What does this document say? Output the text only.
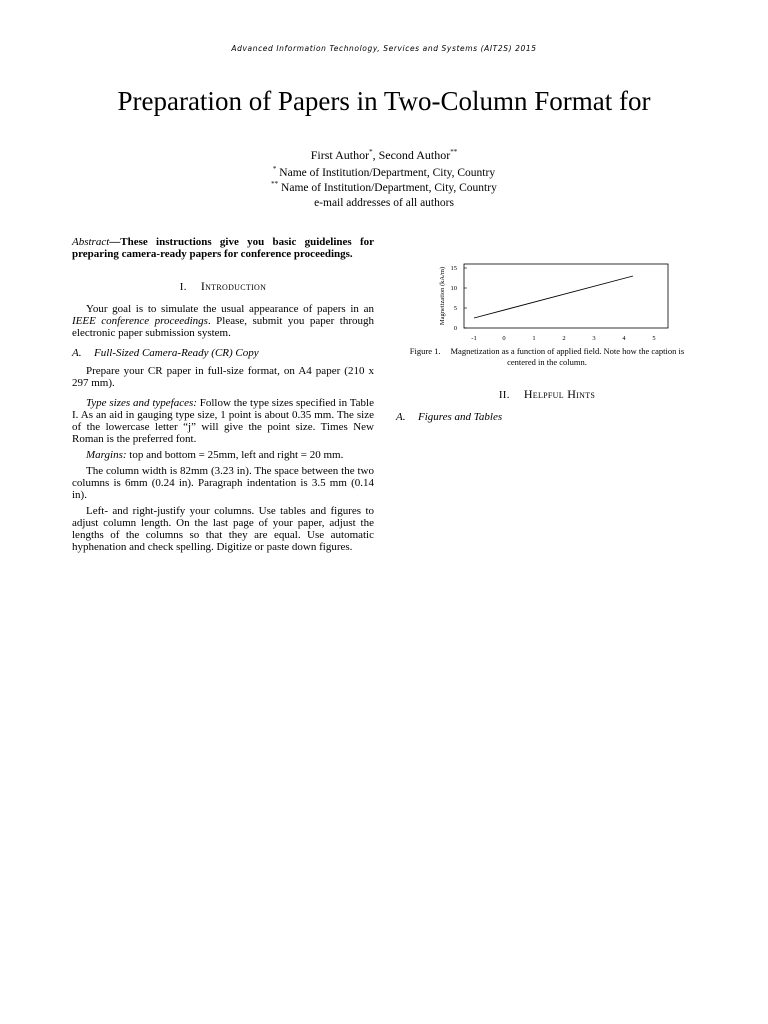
Advanced Information Technology, Services and Systems (AIT2S) 2015
Preparation of Papers in Two-Column Format for
First Author*, Second Author**
* Name of Institution/Department, City, Country
** Name of Institution/Department, City, Country
e-mail addresses of all authors

Abstract—These instructions give you basic guidelines for preparing camera-ready papers for conference proceedings.

I. Introduction

Your goal is to simulate the usual appearance of papers in an IEEE conference proceedings. Please, submit you paper through electronic paper submission system.

A. Full-Sized Camera-Ready (CR) Copy

Prepare your CR paper in full-size format, on A4 paper (210 x 297 mm).

Type sizes and typefaces: Follow the type sizes specified in Table I. As an aid in gauging type size, 1 point is about 0.35 mm. The size of the lowercase letter “j” will give the point size. Times New Roman is the preferred font.

Margins: top and bottom = 25mm, left and right = 20 mm.

The column width is 82mm (3.23 in). The space between the two columns is 6mm (0.24 in). Paragraph indentation is 3.5 mm (0.14 in).

Left- and right-justify your columns. Use tables and figures to adjust column length. On the last page of your paper, adjust the lengths of the columns so that they are equal. Use automatic hyphenation and check spelling. Digitize or paste down figures.

0
5
10
15
-1	0	1	2	3	4	5
Magnetization (kA/m)

Figure 1. Magnetization as a function of applied field. Note how the caption is centered in the column.

II. Helpful Hints
A. Figures and Tables
